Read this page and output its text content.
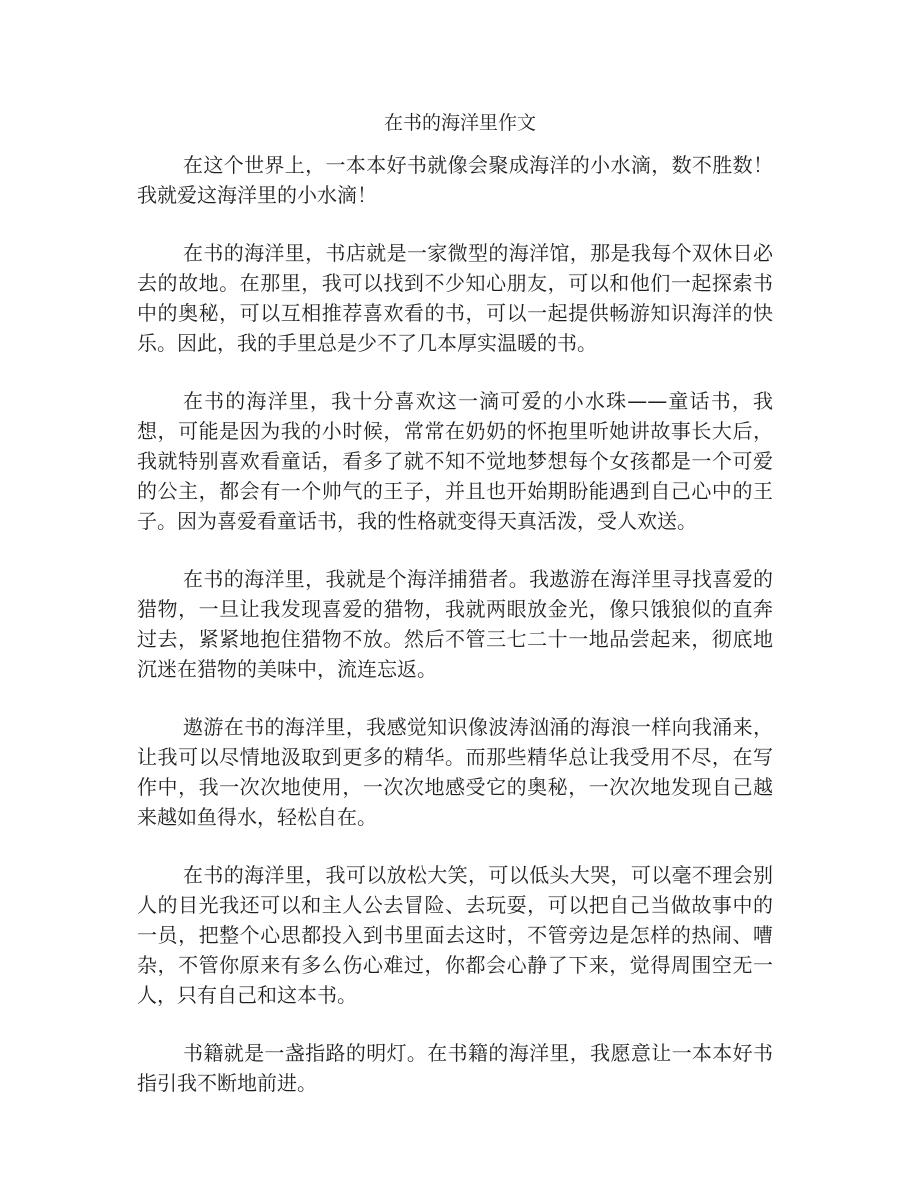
在书的海洋里作文

在这个世界上，一本本好书就像会聚成海洋的小水滴，数不胜数！我就爱这海洋里的小水滴！

在书的海洋里，书店就是一家微型的海洋馆，那是我每个双休日必去的故地。在那里，我可以找到不少知心朋友，可以和他们一起探索书中的奥秘，可以互相推荐喜欢看的书，可以一起提供畅游知识海洋的快乐。因此，我的手里总是少不了几本厚实温暖的书。

在书的海洋里，我十分喜欢这一滴可爱的小水珠——童话书，我想，可能是因为我的小时候，常常在奶奶的怀抱里听她讲故事长大后，我就特别喜欢看童话，看多了就不知不觉地梦想每个女孩都是一个可爱的公主，都会有一个帅气的王子，并且也开始期盼能遇到自己心中的王子。因为喜爱看童话书，我的性格就变得天真活泼，受人欢送。

在书的海洋里，我就是个海洋捕猎者。我遨游在海洋里寻找喜爱的猎物，一旦让我发现喜爱的猎物，我就两眼放金光，像只饿狼似的直奔过去，紧紧地抱住猎物不放。然后不管三七二十一地品尝起来，彻底地沉迷在猎物的美味中，流连忘返。

遨游在书的海洋里，我感觉知识像波涛汹涌的海浪一样向我涌来，让我可以尽情地汲取到更多的精华。而那些精华总让我受用不尽，在写作中，我一次次地使用，一次次地感受它的奥秘，一次次地发现自己越来越如鱼得水，轻松自在。

在书的海洋里，我可以放松大笑，可以低头大哭，可以毫不理会别人的目光我还可以和主人公去冒险、去玩耍，可以把自己当做故事中的一员，把整个心思都投入到书里面去这时，不管旁边是怎样的热闹、嘈杂，不管你原来有多么伤心难过，你都会心静了下来，觉得周围空无一人，只有自己和这本书。

书籍就是一盏指路的明灯。在书籍的海洋里，我愿意让一本本好书指引我不断地前进。
